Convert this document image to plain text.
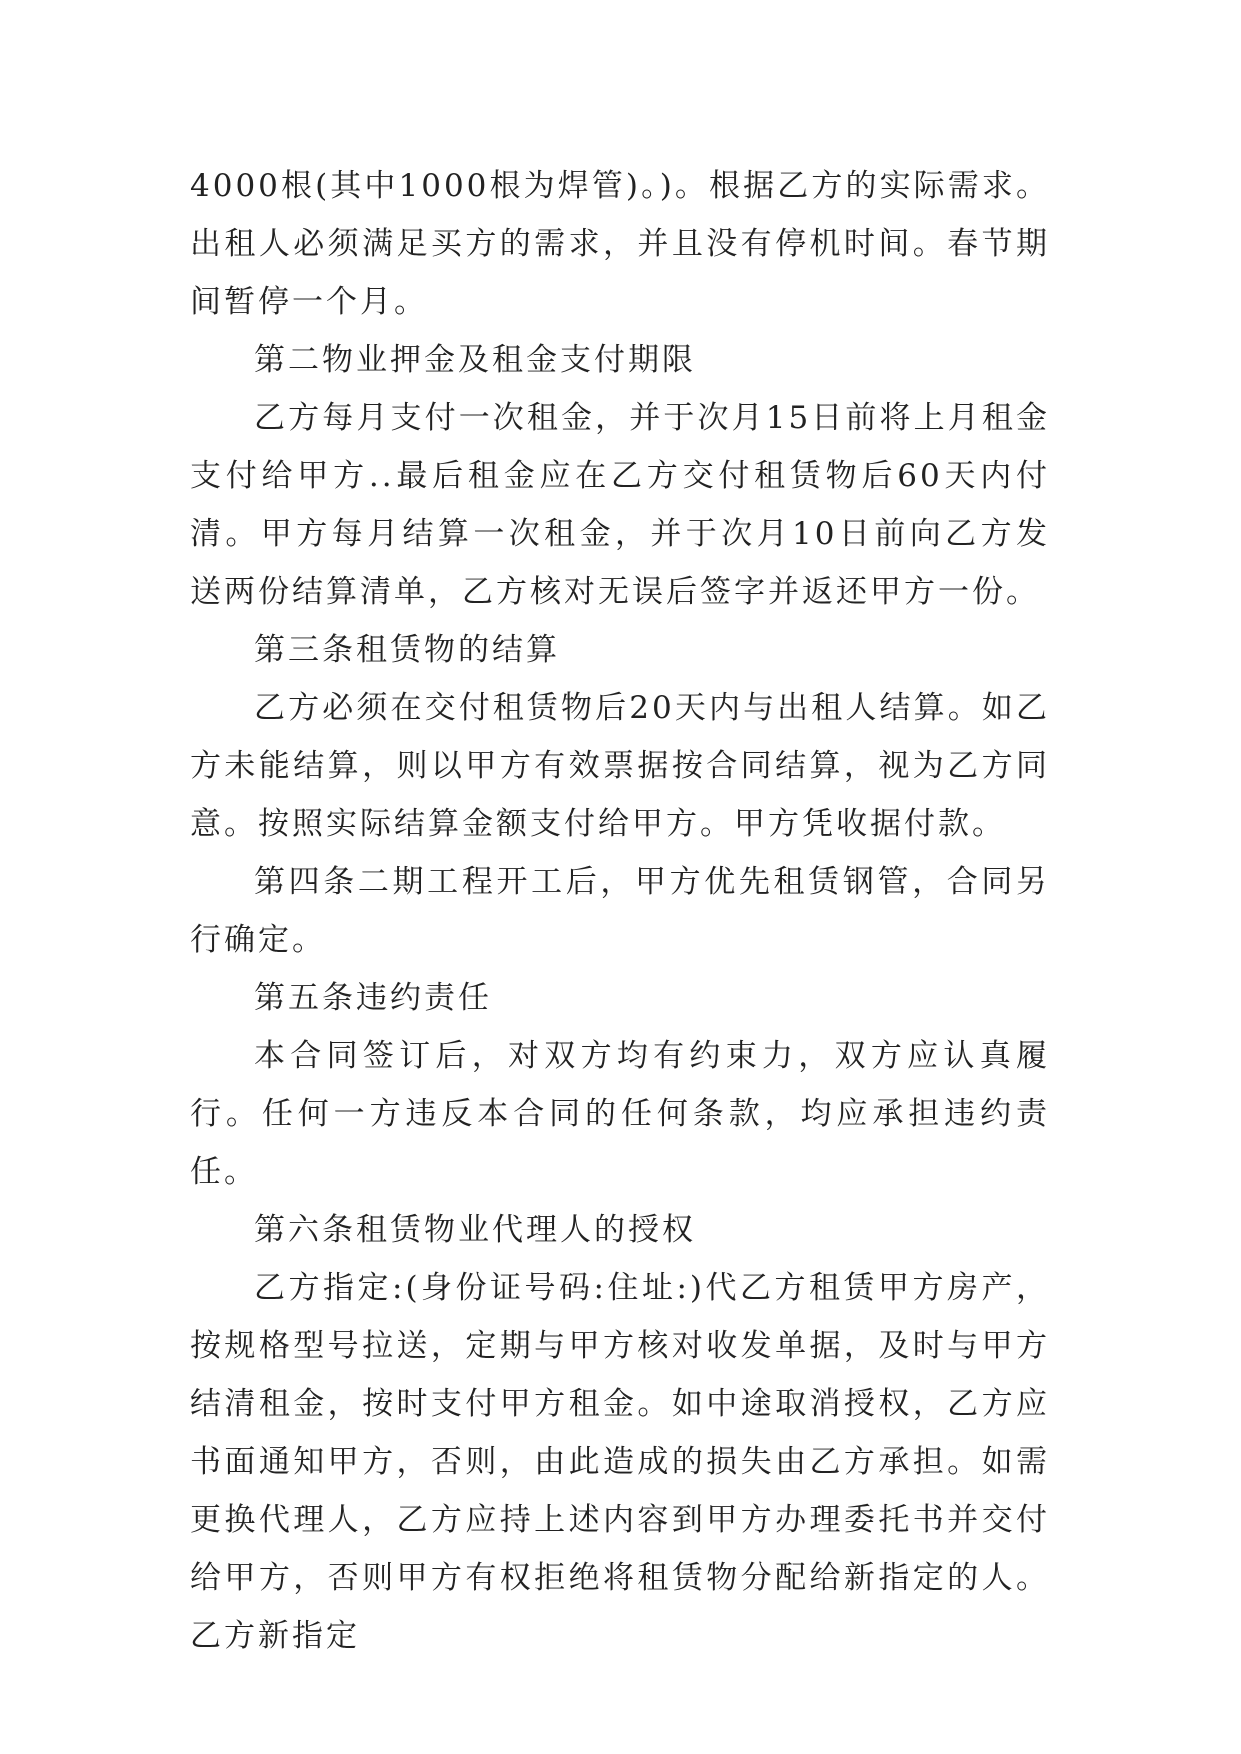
4000根(其中1000根为焊管)。)。根据乙方的实际需求。出租人必须满足买方的需求，并且没有停机时间。春节期间暂停一个月。

第二物业押金及租金支付期限

乙方每月支付一次租金，并于次月15日前将上月租金支付给甲方..最后租金应在乙方交付租赁物后60天内付清。甲方每月结算一次租金，并于次月10日前向乙方发送两份结算清单，乙方核对无误后签字并返还甲方一份。

第三条租赁物的结算

乙方必须在交付租赁物后20天内与出租人结算。如乙方未能结算，则以甲方有效票据按合同结算，视为乙方同意。按照实际结算金额支付给甲方。甲方凭收据付款。

第四条二期工程开工后，甲方优先租赁钢管，合同另行确定。

第五条违约责任

本合同签订后，对双方均有约束力，双方应认真履行。任何一方违反本合同的任何条款，均应承担违约责任。

第六条租赁物业代理人的授权

乙方指定:(身份证号码:住址:)代乙方租赁甲方房产，按规格型号拉送，定期与甲方核对收发单据，及时与甲方结清租金，按时支付甲方租金。如中途取消授权，乙方应书面通知甲方，否则，由此造成的损失由乙方承担。如需更换代理人，乙方应持上述内容到甲方办理委托书并交付给甲方，否则甲方有权拒绝将租赁物分配给新指定的人。乙方新指定
